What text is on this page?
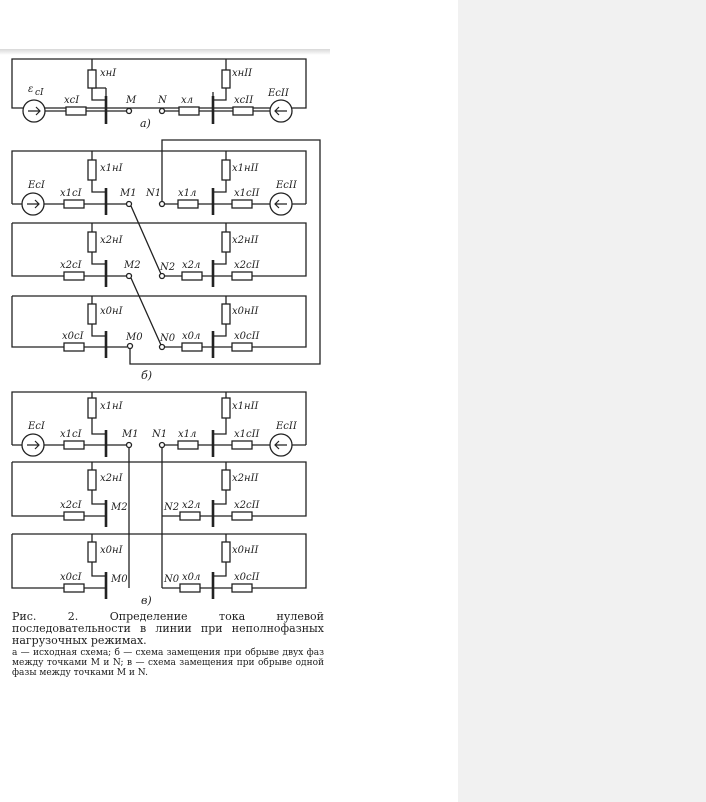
ε cI	EcII
xнI	xнII
xcI	xcII
xл
M N
а)
EcI	EcII
x1нI	x1нII
x1cI	x1cII
x1л
M1 N1
x2нI	x2нII
x2cI	x2cII
x2л
M2 N2
x0нI	x0нII
x0cI	x0cII
x0л
M0 N0
б)
EcI	EcII
x1нI	x1нII
x1cI	x1cII
x1л
M1 N1
x2нI	x2нII
x2cI	x2cII
x2л
M2	N2
x0нI	x0нII
x0cI	x0cII
x0л
M0	N0
в)
Рис. 2. Определение тока нулевой последовательности в линии при неполнофазных нагрузочных режимах.
а — исходная схема; б — схема замещения при обрыве двух фаз между точками M и N; в — схема замещения при обрыве одной фазы между точками M и N.
